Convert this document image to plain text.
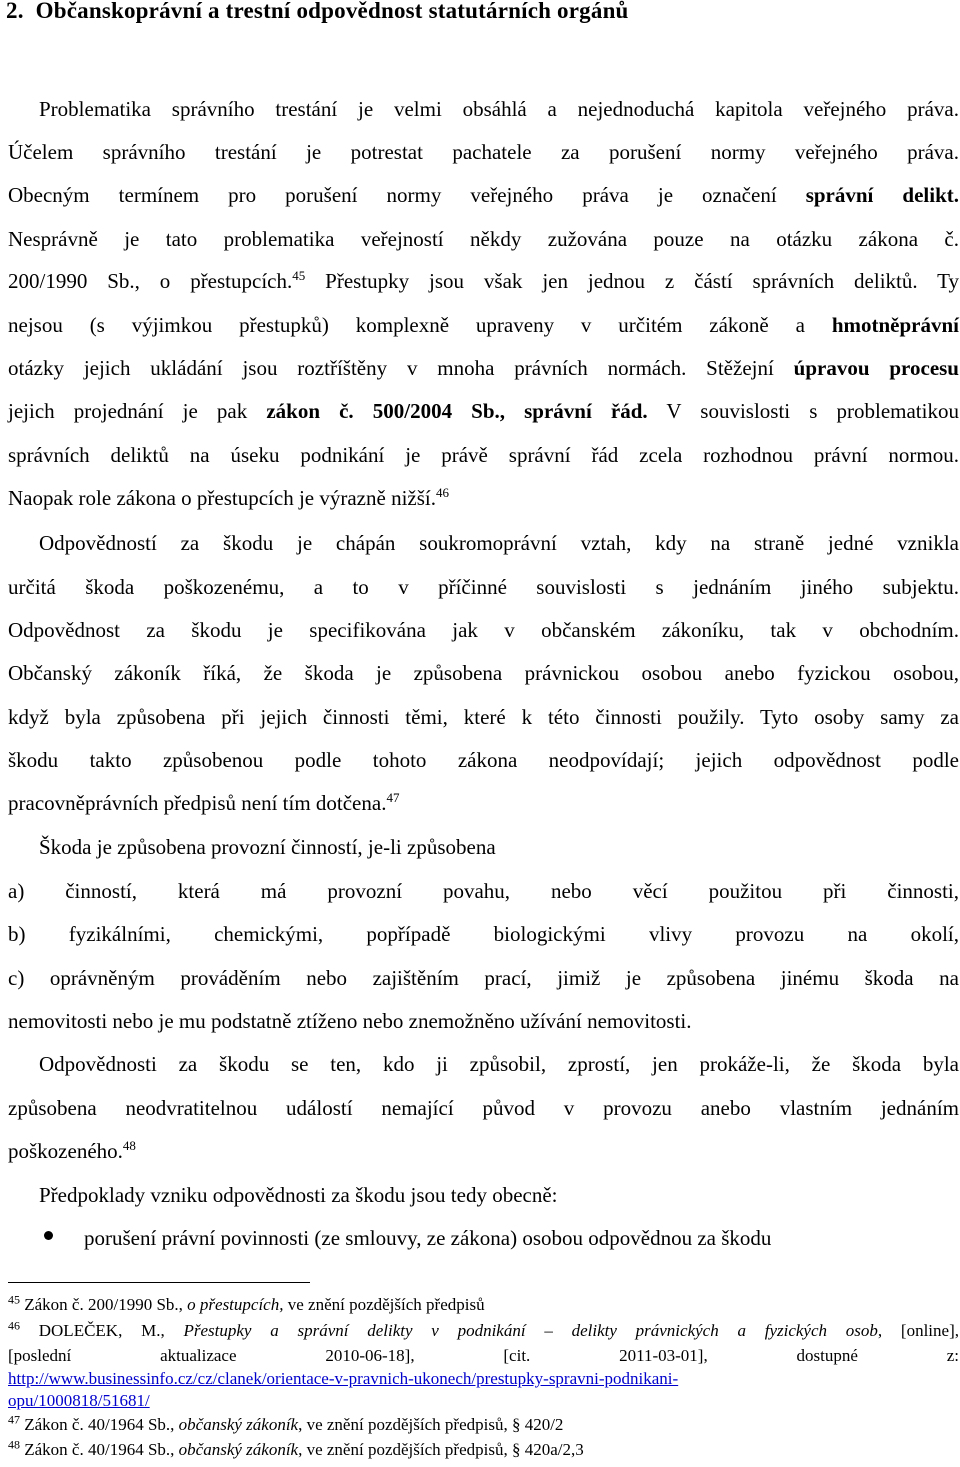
2. Občanskoprávní a trestní odpovědnost statutárních orgánů
Problematika správního trestání je velmi obsáhlá a nejednoduchá kapitola veřejného práva.
Účelem správního trestání je potrestat pachatele za porušení normy veřejného práva.
Obecným termínem pro porušení normy veřejného práva je označení správní delikt.
Nesprávně je tato problematika veřejností někdy zužována pouze na otázku zákona č.
200/1990 Sb., o přestupcích.$^{45}$ Přestupky jsou však jen jednou z částí správních deliktů. Ty
nejsou (s výjimkou přestupků) komplexně upraveny v určitém zákoně a hmotněprávní
otázky jejich ukládání jsou roztříštěny v mnoha právních normách. Stěžejní úpravou procesu
jejich projednání je pak zákon č. 500/2004 Sb., správní řád. V souvislosti s problematikou
správních deliktů na úseku podnikání je právě správní řád zcela rozhodnou právní normou.
Naopak role zákona o přestupcích je výrazně nižší.$^{46}$
Odpovědností za škodu je chápán soukromoprávní vztah, kdy na straně jedné vznikla
určitá škoda poškozenému, a to v příčinné souvislosti s jednáním jiného subjektu.
Odpovědnost za škodu je specifikována jak v občanském zákoníku, tak v obchodním.
Občanský zákoník říká, že škoda je způsobena právnickou osobou anebo fyzickou osobou,
když byla způsobena při jejich činnosti těmi, které k této činnosti použily. Tyto osoby samy za
škodu takto způsobenou podle tohoto zákona neodpovídají; jejich odpovědnost podle
pracovněprávních předpisů není tím dotčena.$^{47}$
Škoda je způsobena provozní činností, je-li způsobena
a) činností, která má provozní povahu, nebo věcí použitou při činnosti,
b) fyzikálními, chemickými, popřípadě biologickými vlivy provozu na okolí,
c) oprávněným prováděním nebo zajištěním prací, jimiž je způsobena jinému škoda na
nemovitosti nebo je mu podstatně ztíženo nebo znemožněno užívání nemovitosti.
Odpovědnosti za škodu se ten, kdo ji způsobil, zprostí, jen prokáže-li, že škoda byla
způsobena neodvratitelnou událostí nemající původ v provozu anebo vlastním jednáním
poškozeného.$^{48}$
Předpoklady vzniku odpovědnosti za škodu jsou tedy obecně:
porušení právní povinnosti (ze smlouvy, ze zákona) osobou odpovědnou za škodu
$^{45}$ Zákon č. 200/1990 Sb., o přestupcích, ve znění pozdějších předpisů
$^{46}$ DOLEČEK, M., Přestupky a správní delikty v podnikání – delikty právnických a fyzických osob, [online],
[poslední aktualizace 2010-06-18], [cit. 2011-03-01], dostupné z:
http://www.businessinfo.cz/cz/clanek/orientace-v-pravnich-ukonech/prestupky-spravni-podnikani-
opu/1000818/51681/
$^{47}$ Zákon č. 40/1964 Sb., občanský zákoník, ve znění pozdějších předpisů, § 420/2
$^{48}$ Zákon č. 40/1964 Sb., občanský zákoník, ve znění pozdějších předpisů, § 420a/2,3
